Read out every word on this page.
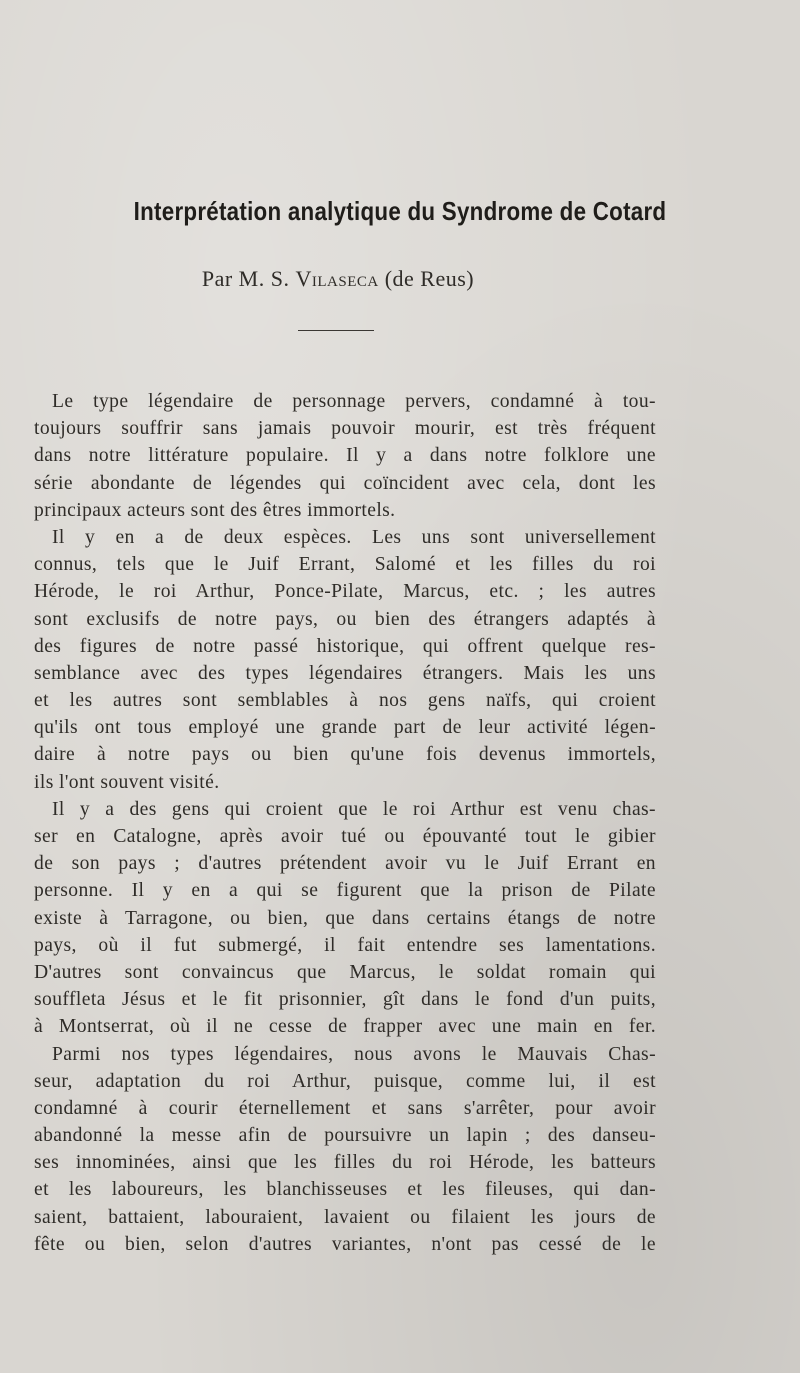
Interprétation analytique du Syndrome de Cotard
Par M. S. Vilaseca (de Reus)
Le type légendaire de personnage pervers, condamné à tou-
toujours souffrir sans jamais pouvoir mourir, est très fréquent
dans notre littérature populaire. Il y a dans notre folklore une
série abondante de légendes qui coïncident avec cela, dont les
principaux acteurs sont des êtres immortels.
Il y en a de deux espèces. Les uns sont universellement
connus, tels que le Juif Errant, Salomé et les filles du roi
Hérode, le roi Arthur, Ponce-Pilate, Marcus, etc. ; les autres
sont exclusifs de notre pays, ou bien des étrangers adaptés à
des figures de notre passé historique, qui offrent quelque res-
semblance avec des types légendaires étrangers. Mais les uns
et les autres sont semblables à nos gens naïfs, qui croient
qu'ils ont tous employé une grande part de leur activité légen-
daire à notre pays ou bien qu'une fois devenus immortels,
ils l'ont souvent visité.
Il y a des gens qui croient que le roi Arthur est venu chas-
ser en Catalogne, après avoir tué ou épouvanté tout le gibier
de son pays ; d'autres prétendent avoir vu le Juif Errant en
personne. Il y en a qui se figurent que la prison de Pilate
existe à Tarragone, ou bien, que dans certains étangs de notre
pays, où il fut submergé, il fait entendre ses lamentations.
D'autres sont convaincus que Marcus, le soldat romain qui
souffleta Jésus et le fit prisonnier, gît dans le fond d'un puits,
à Montserrat, où il ne cesse de frapper avec une main en fer.
Parmi nos types légendaires, nous avons le Mauvais Chas-
seur, adaptation du roi Arthur, puisque, comme lui, il est
condamné à courir éternellement et sans s'arrêter, pour avoir
abandonné la messe afin de poursuivre un lapin ; des danseu-
ses innominées, ainsi que les filles du roi Hérode, les batteurs
et les laboureurs, les blanchisseuses et les fileuses, qui dan-
saient, battaient, labouraient, lavaient ou filaient les jours de
fête ou bien, selon d'autres variantes, n'ont pas cessé de le
